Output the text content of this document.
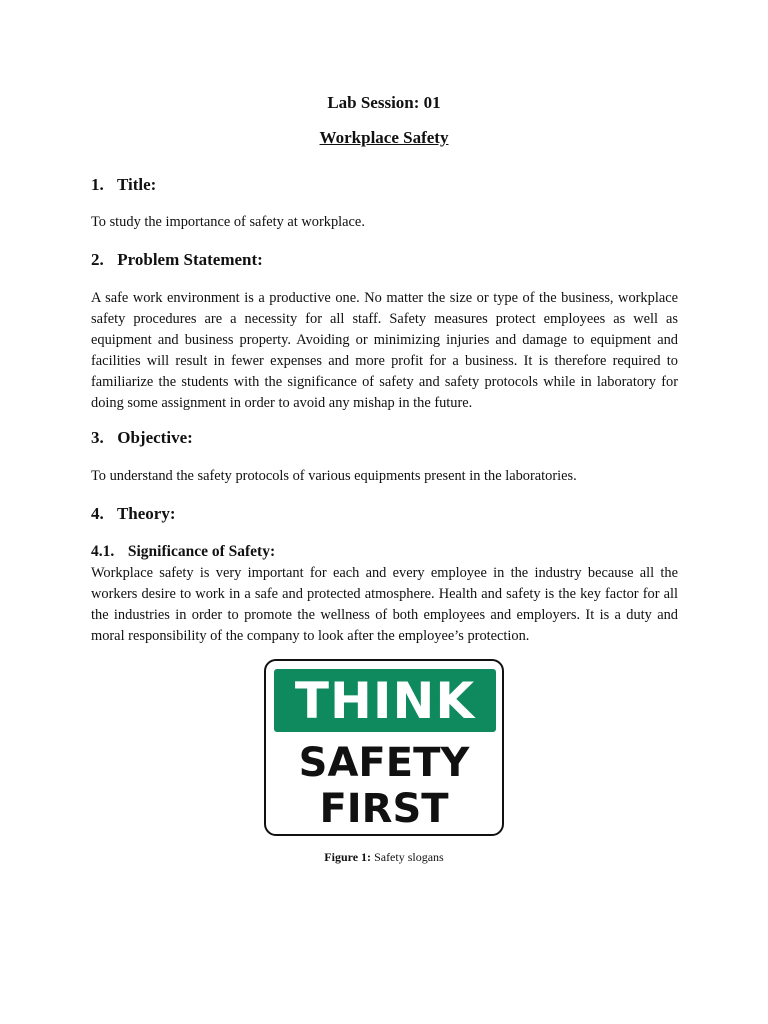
Lab Session: 01
Workplace Safety
1. Title:

To study the importance of safety at workplace.

2. Problem Statement:

A safe work environment is a productive one. No matter the size or type of the business, workplace safety procedures are a necessity for all staff. Safety measures protect employees as well as equipment and business property. Avoiding or minimizing injuries and damage to equipment and facilities will result in fewer expenses and more profit for a business. It is therefore required to familiarize the students with the significance of safety and safety protocols while in laboratory for doing some assignment in order to avoid any mishap in the future.

3. Objective:

To understand the safety protocols of various equipments present in the laboratories.

4. Theory:
4.1. Significance of Safety:

Workplace safety is very important for each and every employee in the industry because all the workers desire to work in a safe and protected atmosphere. Health and safety is the key factor for all the industries in order to promote the wellness of both employees and employers. It is a duty and moral responsibility of the company to look after the employee’s protection.

THINK
SAFETY
FIRST
Figure 1: Safety slogans
